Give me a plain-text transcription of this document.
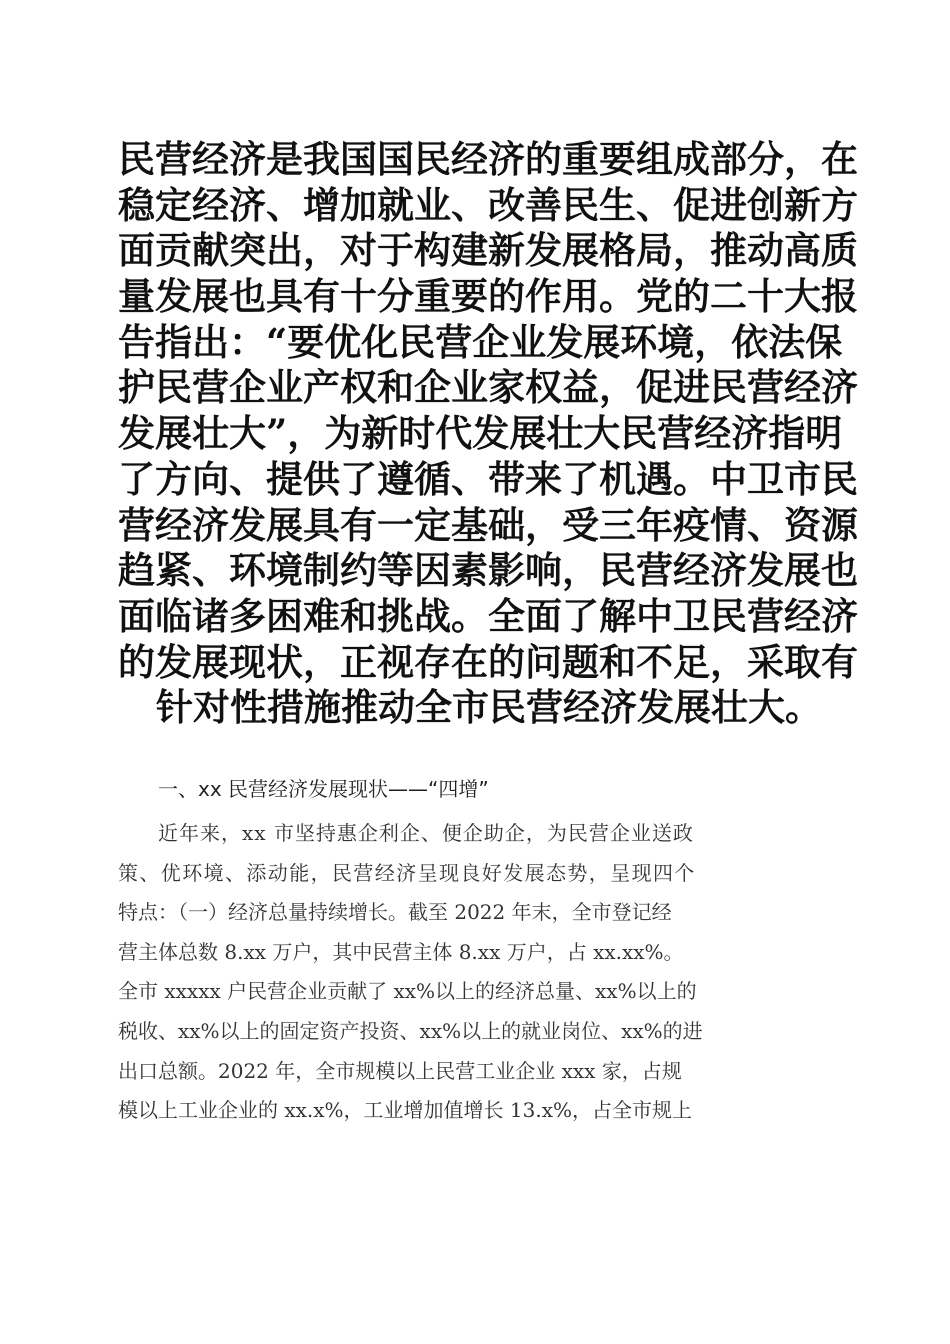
民营经济是我国国民经济的重要组成部分，在
稳定经济、增加就业、改善民生、促进创新方
面贡献突出，对于构建新发展格局，推动高质
量发展也具有十分重要的作用。党的二十大报
告指出：“要优化民营企业发展环境，依法保
护民营企业产权和企业家权益，促进民营经济
发展壮大”，为新时代发展壮大民营经济指明
了方向、提供了遵循、带来了机遇。中卫市民
营经济发展具有一定基础，受三年疫情、资源
趋紧、环境制约等因素影响，民营经济发展也
面临诸多困难和挑战。全面了解中卫民营经济
的发展现状，正视存在的问题和不足，采取有
针对性措施推动全市民营经济发展壮大。
一、xx 民营经济发展现状——“四增”
近年来，xx 市坚持惠企利企、便企助企，为民营企业送政
策、优环境、添动能，民营经济呈现良好发展态势，呈现四个
特点：（一）经济总量持续增长。截至 2022 年末，全市登记经
营主体总数 8.xx 万户，其中民营主体 8.xx 万户，占 xx.xx%。
全市 xxxxx 户民营企业贡献了 xx%以上的经济总量、xx%以上的
税收、xx%以上的固定资产投资、xx%以上的就业岗位、xx%的进
出口总额。2022 年，全市规模以上民营工业企业 xxx 家，占规
模以上工业企业的 xx.x%，工业增加值增长 13.x%，占全市规上
